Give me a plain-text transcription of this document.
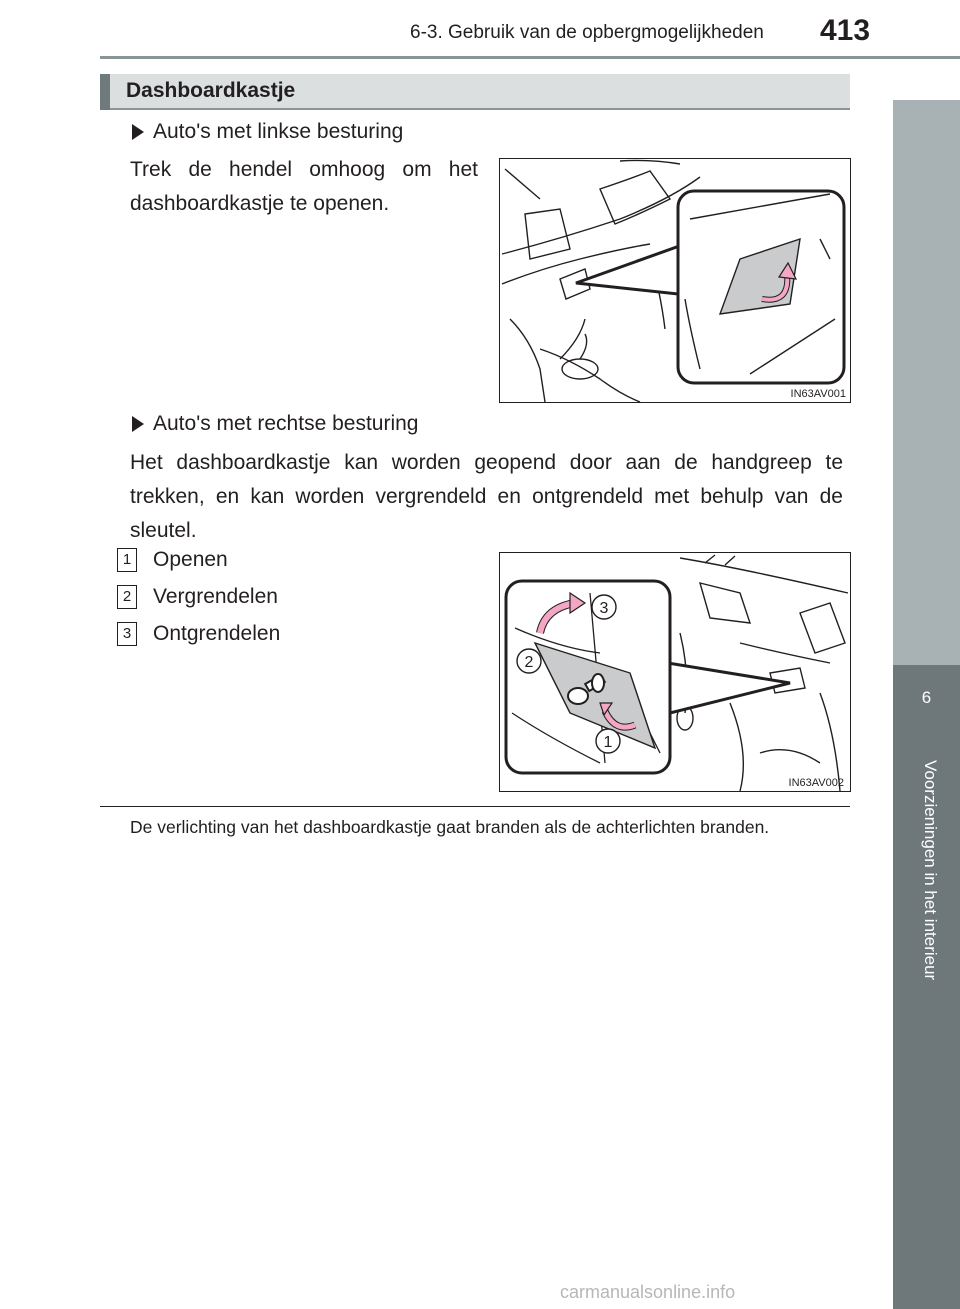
6-3. Gebruik van de opbergmogelijkheden 413
Dashboardkastje
Auto's met linkse besturing
Trek de hendel omhoog om het dashboardkastje te openen.
IN63AV001
Auto's met rechtse besturing
Het dashboardkastje kan worden geopend door aan de handgreep te trekken, en kan worden vergrendeld en ontgrendeld met behulp van de sleutel.
1 Openen
2 Vergrendelen
3 Ontgrendelen
3
2
1
IN63AV002
De verlichting van het dashboardkastje gaat branden als de achterlichten branden.
6
Voorzieningen in het interieur
carmanualsonline.info
